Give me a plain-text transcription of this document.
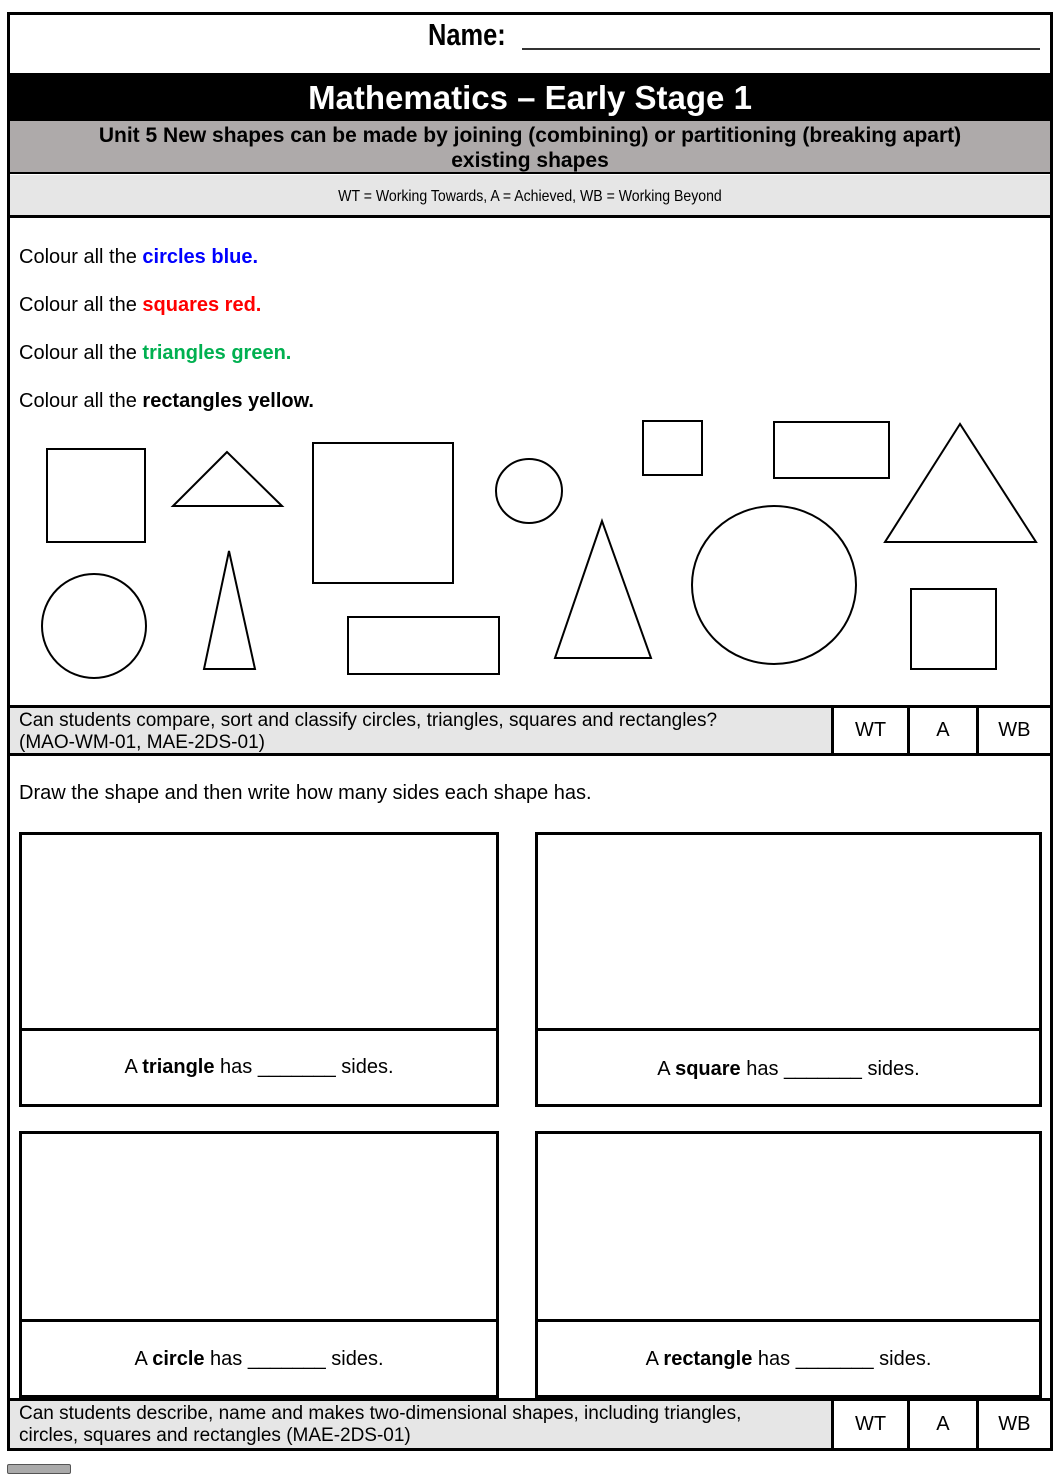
Name:
Mathematics – Early Stage 1
Unit 5 New shapes can be made by joining (combining) or partitioning (breaking apart)
existing shapes
WT = Working Towards, A = Achieved, WB = Working Beyond
Colour all the circles blue.
Colour all the squares red.
Colour all the triangles green.
Colour all the rectangles yellow.
Can students compare, sort and classify circles, triangles, squares and rectangles?
(MAO-WM-01, MAE-2DS-01)
WT	A	WB
Draw the shape and then write how many sides each shape has.
A triangle has _______ sides.	A square has _______ sides.
A circle has _______ sides.	A rectangle has _______ sides.
Can students describe, name and makes two-dimensional shapes, including triangles,
circles, squares and rectangles (MAE-2DS-01)
WT	A	WB
